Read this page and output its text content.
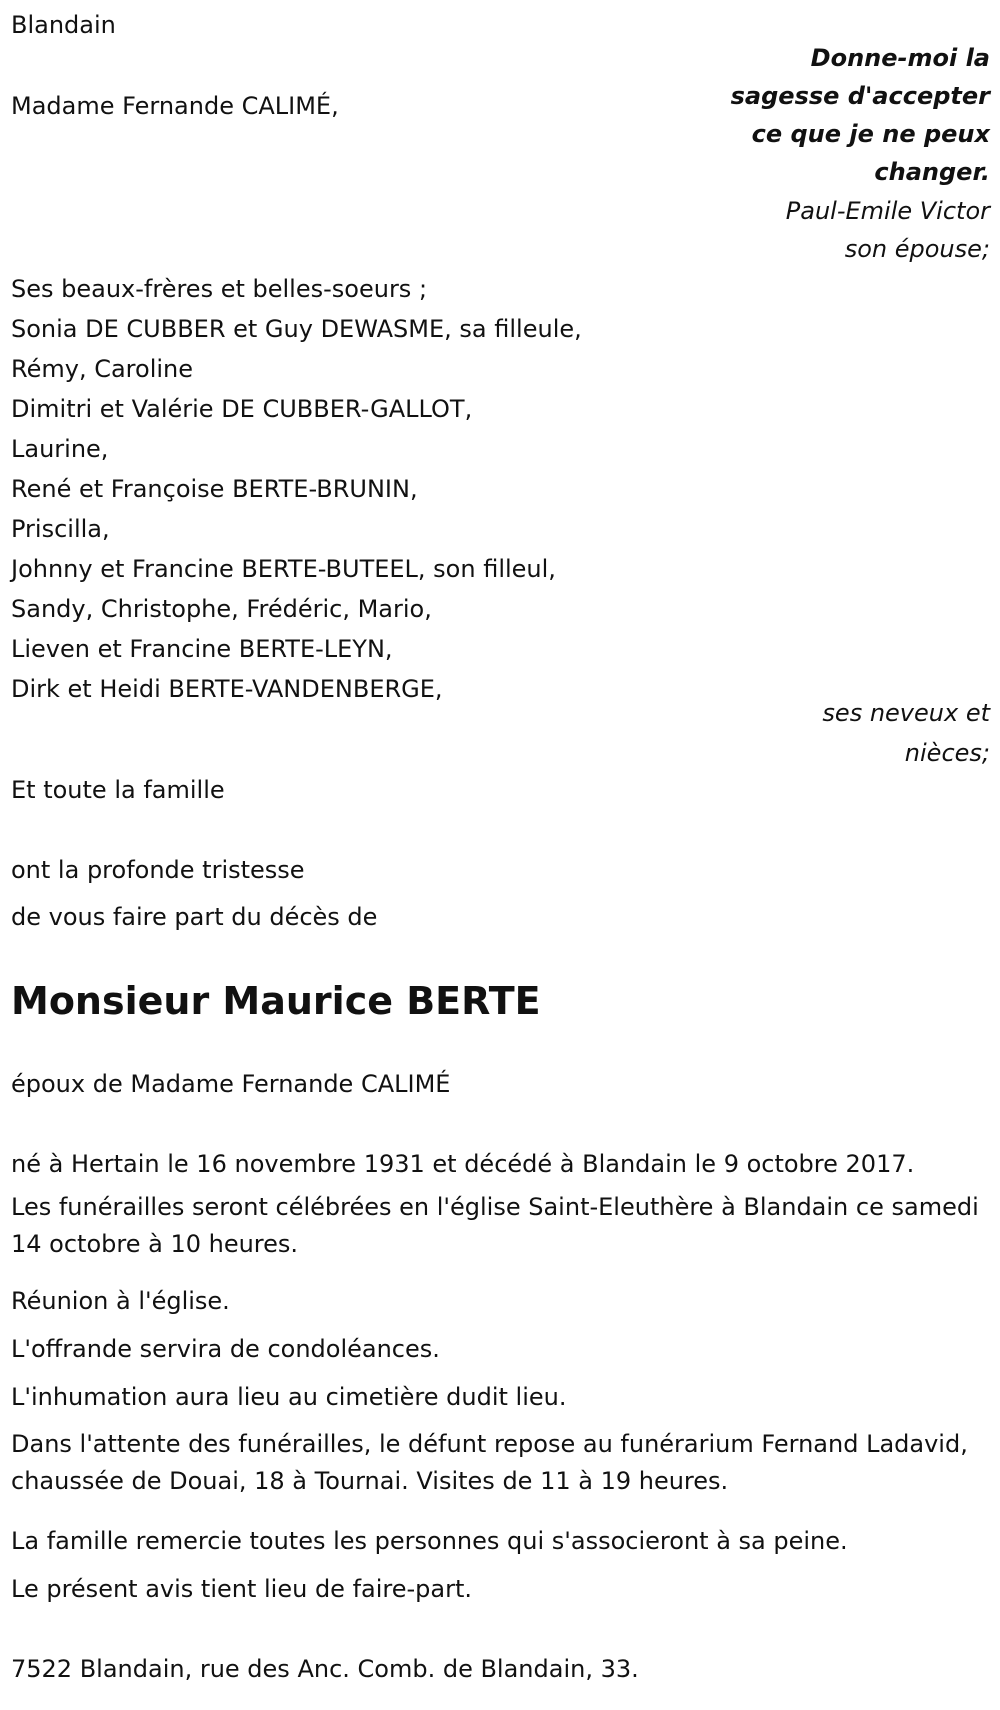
Blandain
Madame Fernande CALIMÉ,
Donne-moi la
sagesse d'accepter
ce que je ne peux
changer.
Paul-Emile Victor
son épouse;
Ses beaux-frères et belles-soeurs ;
Sonia DE CUBBER et Guy DEWASME, sa filleule,
Rémy, Caroline
Dimitri et Valérie DE CUBBER-GALLOT,
Laurine,
René et Françoise BERTE-BRUNIN,
Priscilla,
Johnny et Francine BERTE-BUTEEL, son filleul,
Sandy, Christophe, Frédéric, Mario,
Lieven et Francine BERTE-LEYN,
Dirk et Heidi BERTE-VANDENBERGE,
ses neveux et
nièces;
Et toute la famille
ont la profonde tristesse
de vous faire part du décès de
Monsieur Maurice BERTE
époux de Madame Fernande CALIMÉ
né à Hertain le 16 novembre 1931 et décédé à Blandain le 9 octobre 2017.
Les funérailles seront célébrées en l'église Saint-Eleuthère à Blandain ce samedi 14 octobre à 10 heures.
Réunion à l'église.
L'offrande servira de condoléances.
L'inhumation aura lieu au cimetière dudit lieu.
Dans l'attente des funérailles, le défunt repose au funérarium Fernand Ladavid, chaussée de Douai, 18 à Tournai. Visites de 11 à 19 heures.
La famille remercie toutes les personnes qui s'associeront à sa peine.
Le présent avis tient lieu de faire-part.
7522 Blandain, rue des Anc. Comb. de Blandain, 33.
